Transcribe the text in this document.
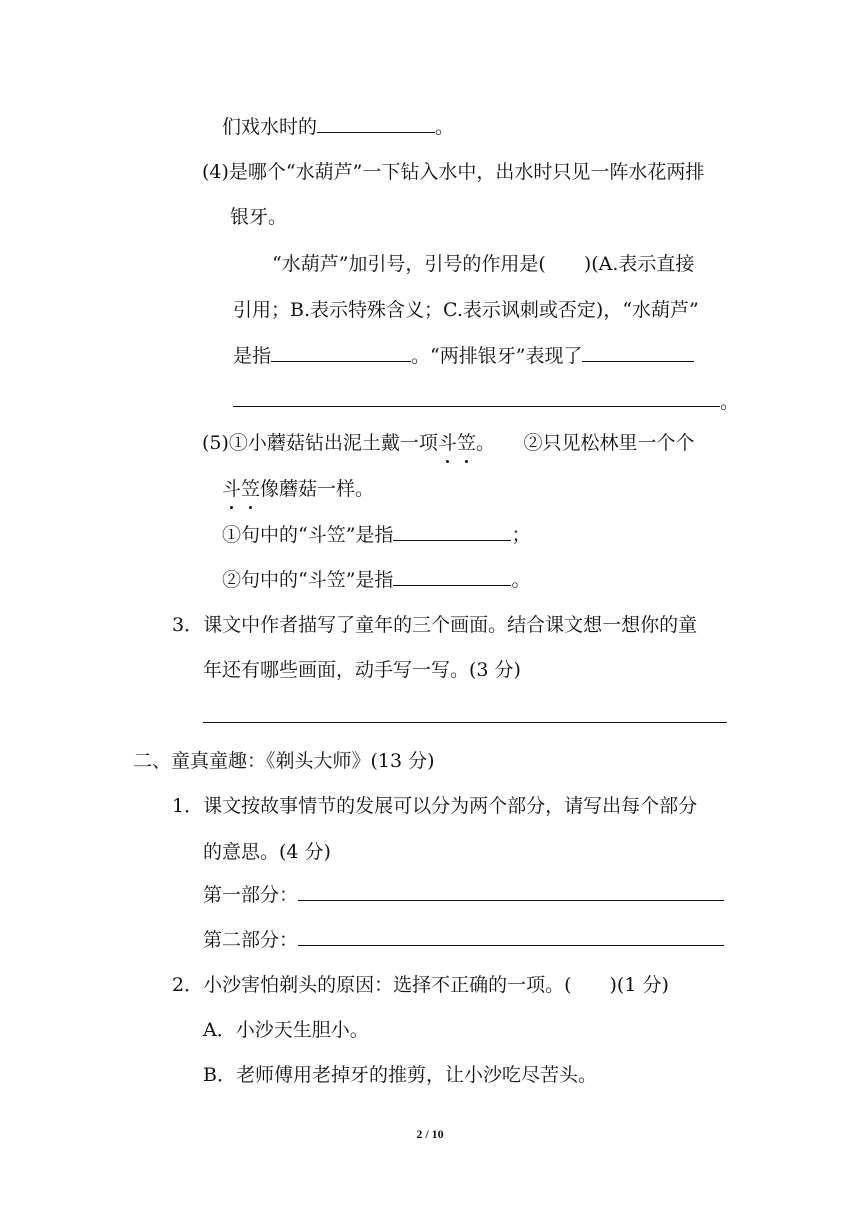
们戏水时的	。
(4)是哪个“水葫芦”一下钻入水中，出水时只见一阵水花两排
银牙。
“水葫芦”加引号，引号的作用是(　　)(A.表示直接
引用；B.表示特殊含义；C.表示讽刺或否定)，“水葫芦”
是指	。“两排银牙”表现了
。
(5)①小蘑菇钻出泥土戴一项斗笠。　　②只见松林里一个个
斗笠像蘑菇一样。
①句中的“斗笠”是指	；
②句中的“斗笠”是指	。
3．课文中作者描写了童年的三个画面。结合课文想一想你的童
年还有哪些画面，动手写一写。(3 分)
二、童真童趣：《剃头大师》(13 分)
1．课文按故事情节的发展可以分为两个部分，请写出每个部分
的意思。(4 分)
第一部分：
第二部分：
2．小沙害怕剃头的原因：选择不正确的一项。(　　)(1 分)
A．小沙天生胆小。
B．老师傅用老掉牙的推剪，让小沙吃尽苦头。
2 / 10
